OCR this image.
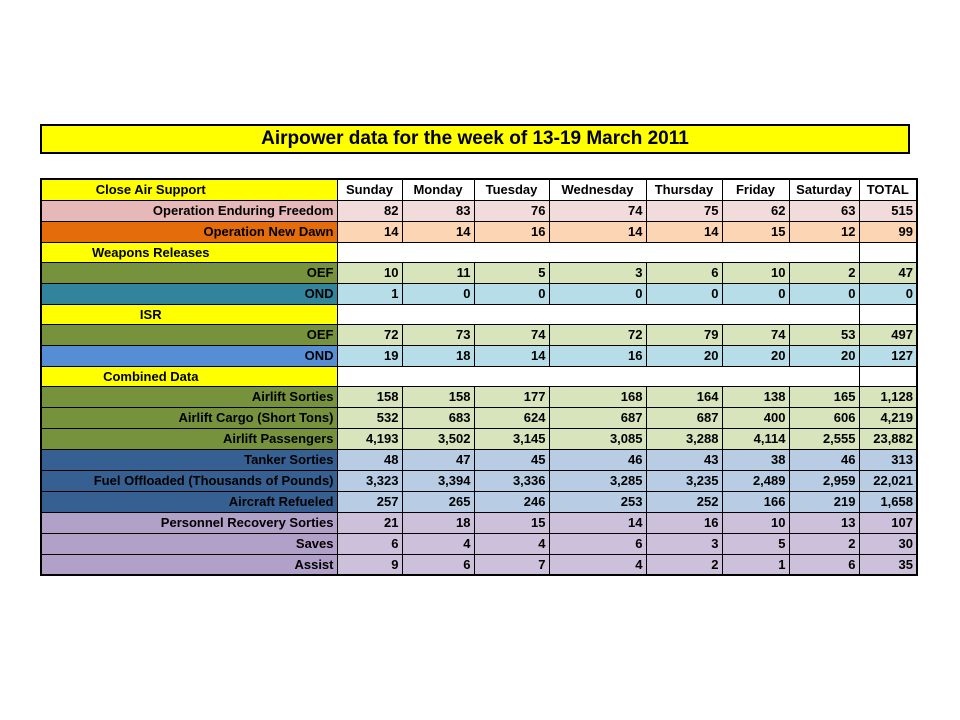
Airpower data for the week of 13-19 March 2011
Close Air Support	Sunday	Monday	Tuesday	Wednesday	Thursday	Friday	Saturday	TOTAL
Operation Enduring Freedom	82	83	76	74	75	62	63	515
Operation New Dawn	14	14	16	14	14	15	12	99
Weapons Releases								
OEF	10	11	5	3	6	10	2	47
OND	1	0	0	0	0	0	0	0
ISR								
OEF	72	73	74	72	79	74	53	497
OND	19	18	14	16	20	20	20	127
Combined Data								
Airlift Sorties	158	158	177	168	164	138	165	1,128
Airlift Cargo (Short Tons)	532	683	624	687	687	400	606	4,219
Airlift Passengers	4,193	3,502	3,145	3,085	3,288	4,114	2,555	23,882
Tanker Sorties	48	47	45	46	43	38	46	313
Fuel Offloaded (Thousands of Pounds)	3,323	3,394	3,336	3,285	3,235	2,489	2,959	22,021
Aircraft Refueled	257	265	246	253	252	166	219	1,658
Personnel Recovery Sorties	21	18	15	14	16	10	13	107
Saves	6	4	4	6	3	5	2	30
Assist	9	6	7	4	2	1	6	35
